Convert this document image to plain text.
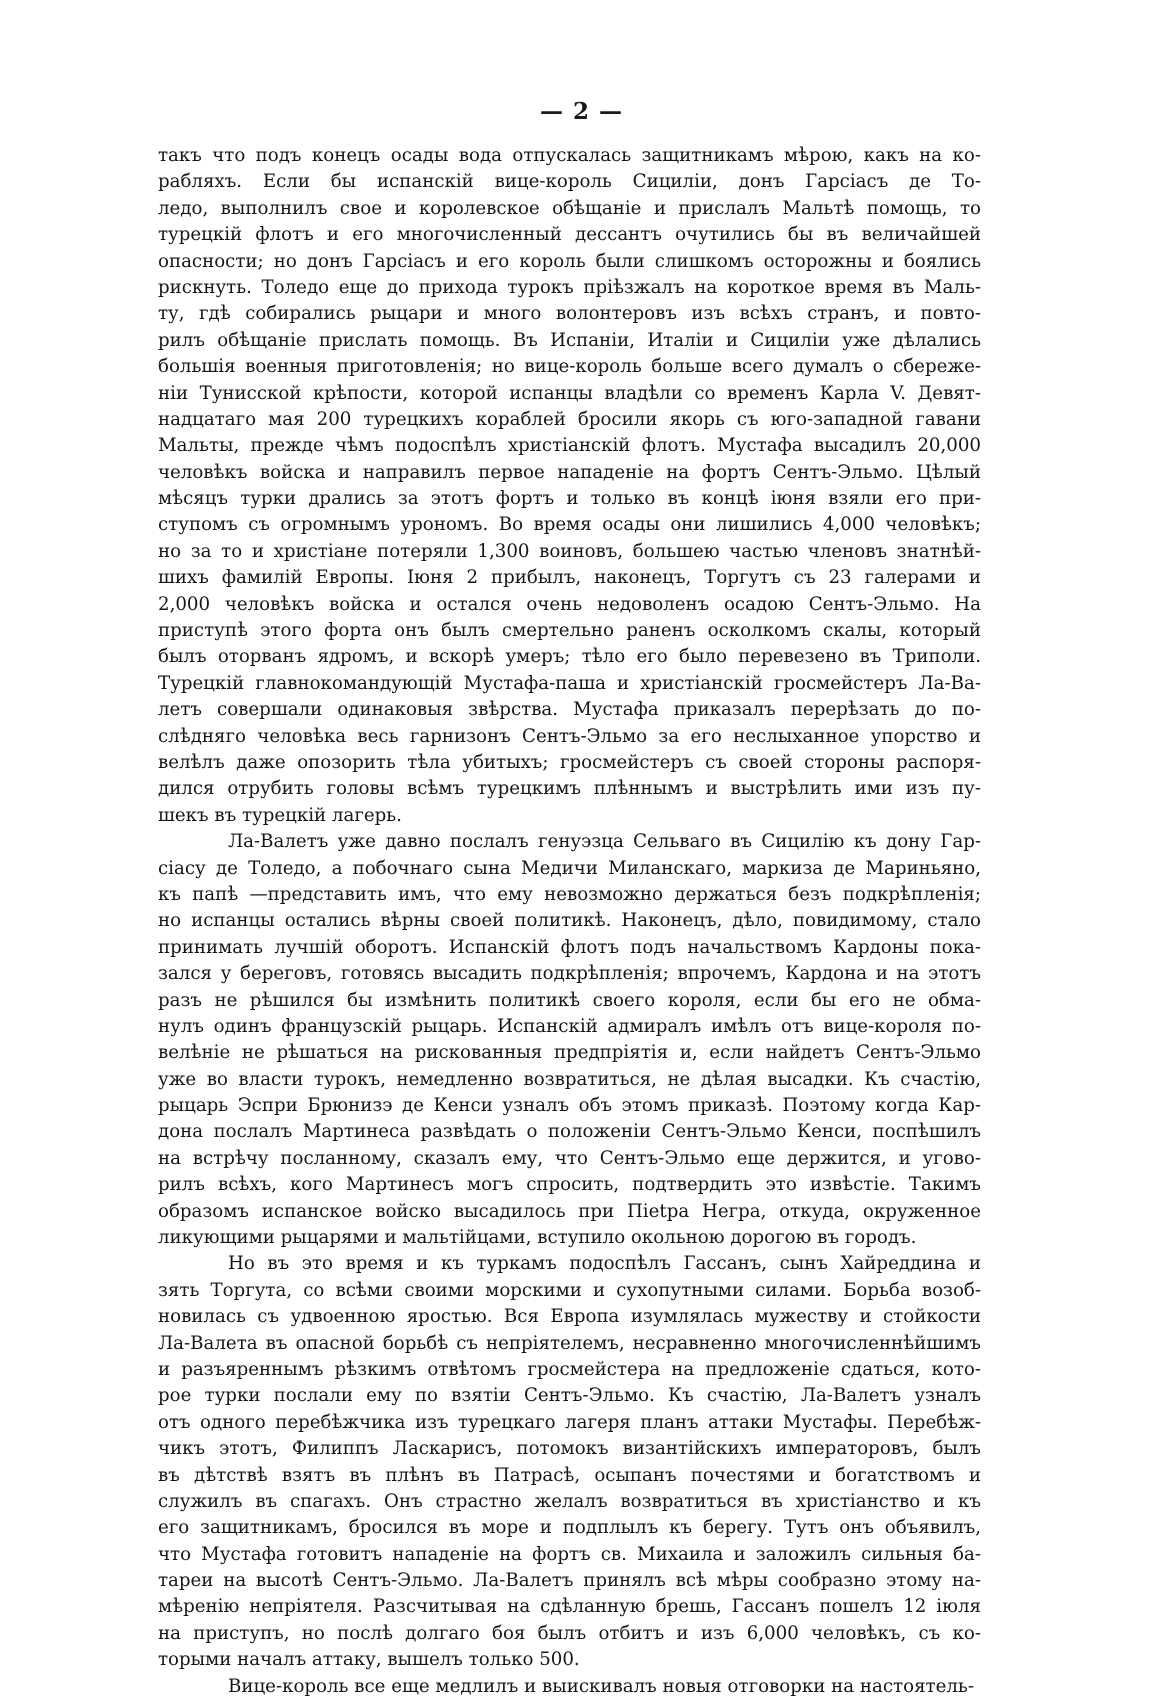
— 2 —
такъ что подъ конецъ осады вода отпускалась защитникамъ мѣрою, какъ на ко-
рабляхъ. Если бы испанскій вице-король Сициліи, донъ Гарсіасъ де То-
ледо, выполнилъ свое и королевское обѣщаніе и прислалъ Мальтѣ помощь, то
турецкій флотъ и его многочисленный дессантъ очутились бы въ величайшей
опасности; но донъ Гарсіасъ и его король были слишкомъ осторожны и боялись
рискнуть. Толедо еще до прихода турокъ пріѣзжалъ на короткое время въ Маль-
ту, гдѣ собирались рыцари и много волонтеровъ изъ всѣхъ странъ, и повто-
рилъ обѣщаніе прислать помощь. Въ Испаніи, Италіи и Сициліи уже дѣлались
большія военныя приготовленія; но вице-король больше всего думалъ о сбереже-
ніи Тунисской крѣпости, которой испанцы владѣли со временъ Карла V. Девят-
надцатаго мая 200 турецкихъ кораблей бросили якорь съ юго-западной гавани
Мальты, прежде чѣмъ подоспѣлъ христіанскій флотъ. Мустафа высадилъ 20,000
человѣкъ войска и направилъ первое нападеніе на фортъ Сентъ-Эльмо. Цѣлый
мѣсяцъ турки дрались за этотъ фортъ и только въ концѣ іюня взяли его при-
ступомъ съ огромнымъ урономъ. Во время осады они лишились 4,000 человѣкъ;
но за то и христіане потеряли 1,300 воиновъ, большею частью членовъ знатнѣй-
шихъ фамилій Европы. Іюня 2 прибылъ, наконецъ, Торгутъ съ 23 галерами и
2,000 человѣкъ войска и остался очень недоволенъ осадою Сентъ-Эльмо. На
приступѣ этого форта онъ былъ смертельно раненъ осколкомъ скалы, который
былъ оторванъ ядромъ, и вскорѣ умеръ; тѣло его было перевезено въ Триполи.
Турецкій главнокомандующій Мустафа-паша и христіанскій гросмейстеръ Ла-Ва-
летъ совершали одинаковыя звѣрства. Мустафа приказалъ перерѣзать до по-
слѣдняго человѣка весь гарнизонъ Сентъ-Эльмо за его неслыханное упорство и
велѣлъ даже опозорить тѣла убитыхъ; гросмейстеръ съ своей стороны распоря-
дился отрубить головы всѣмъ турецкимъ плѣннымъ и выстрѣлить ими изъ пу-
шекъ въ турецкій лагерь.
Ла-Валетъ уже давно послалъ генуэзца Сельваго въ Сицилію къ дону Гар-
сіасу де Толедо, а побочнаго сына Медичи Миланскаго, маркиза де Мариньяно,
къ папѣ —представить имъ, что ему невозможно держаться безъ подкрѣпленія;
но испанцы остались вѣрны своей политикѣ. Наконецъ, дѣло, повидимому, стало
принимать лучшій оборотъ. Испанскій флотъ подъ начальствомъ Кардоны пока-
зался у береговъ, готовясь высадить подкрѣпленія; впрочемъ, Кардона и на этотъ
разъ не рѣшился бы измѣнить политикѣ своего короля, если бы его не обма-
нулъ одинъ французскій рыцарь. Испанскій адмиралъ имѣлъ отъ вице-короля по-
велѣніе не рѣшаться на рискованныя предпріятія и, если найдетъ Сентъ-Эльмо
уже во власти турокъ, немедленно возвратиться, не дѣлая высадки. Къ счастію,
рыцарь Эспри Брюнизэ де Кенси узналъ объ этомъ приказѣ. Поэтому когда Кар-
дона послалъ Мартинеса развѣдать о положеніи Сентъ-Эльмо Кенси, поспѣшилъ
на встрѣчу посланному, сказалъ ему, что Сентъ-Эльмо еще держится, и уговo-
рилъ всѣхъ, кого Мартинесъ могъ спросить, подтвердить это извѣстіе. Такимъ
образомъ испанское войско высадилось при Пietра Негра, откуда, окруженное
ликующими рыцарями и мальтійцами, вступило окольною дорогою въ городъ.
Но въ это время и къ туркамъ подоспѣлъ Гассанъ, сынъ Хайреддина и
зять Торгута, со всѣми своими морскими и сухопутными силами. Борьба возоб-
новилась съ удвоенною яростью. Вся Европа изумлялась мужеству и стойкости
Ла-Валета въ опасной борьбѣ съ непріятелемъ, несравненно многочисленнѣйшимъ
и разъяреннымъ рѣзкимъ отвѣтомъ гросмейстера на предложеніе сдаться, кото-
рое турки послали ему по взятіи Сентъ-Эльмо. Къ счастію, Ла-Валетъ узналъ
отъ одного перебѣжчика изъ турецкаго лагеря планъ аттаки Мустафы. Перебѣж-
чикъ этотъ, Филиппъ Ласкарисъ, потомокъ византійскихъ императоровъ, былъ
въ дѣтствѣ взятъ въ плѣнъ въ Патрасѣ, осыпанъ почестями и богатствомъ и
служилъ въ спагахъ. Онъ страстно желалъ возвратиться въ христіанство и къ
его защитникамъ, бросился въ море и подплылъ къ берегу. Тутъ онъ объявилъ,
что Мустафа готовитъ нападеніе на фортъ св. Михаила и заложилъ сильныя ба-
тареи на высотѣ Сентъ-Эльмо. Ла-Валетъ принялъ всѣ мѣры сообразно этому на-
мѣренію непріятеля. Разсчитывая на сдѣланную брешь, Гассанъ пошелъ 12 іюля
на приступъ, но послѣ долгаго боя былъ отбитъ и изъ 6,000 человѣкъ, съ ко-
торыми началъ аттаку, вышелъ только 500.
Вице-король все еще медлилъ и выискивалъ новыя отговорки на настоятель-
